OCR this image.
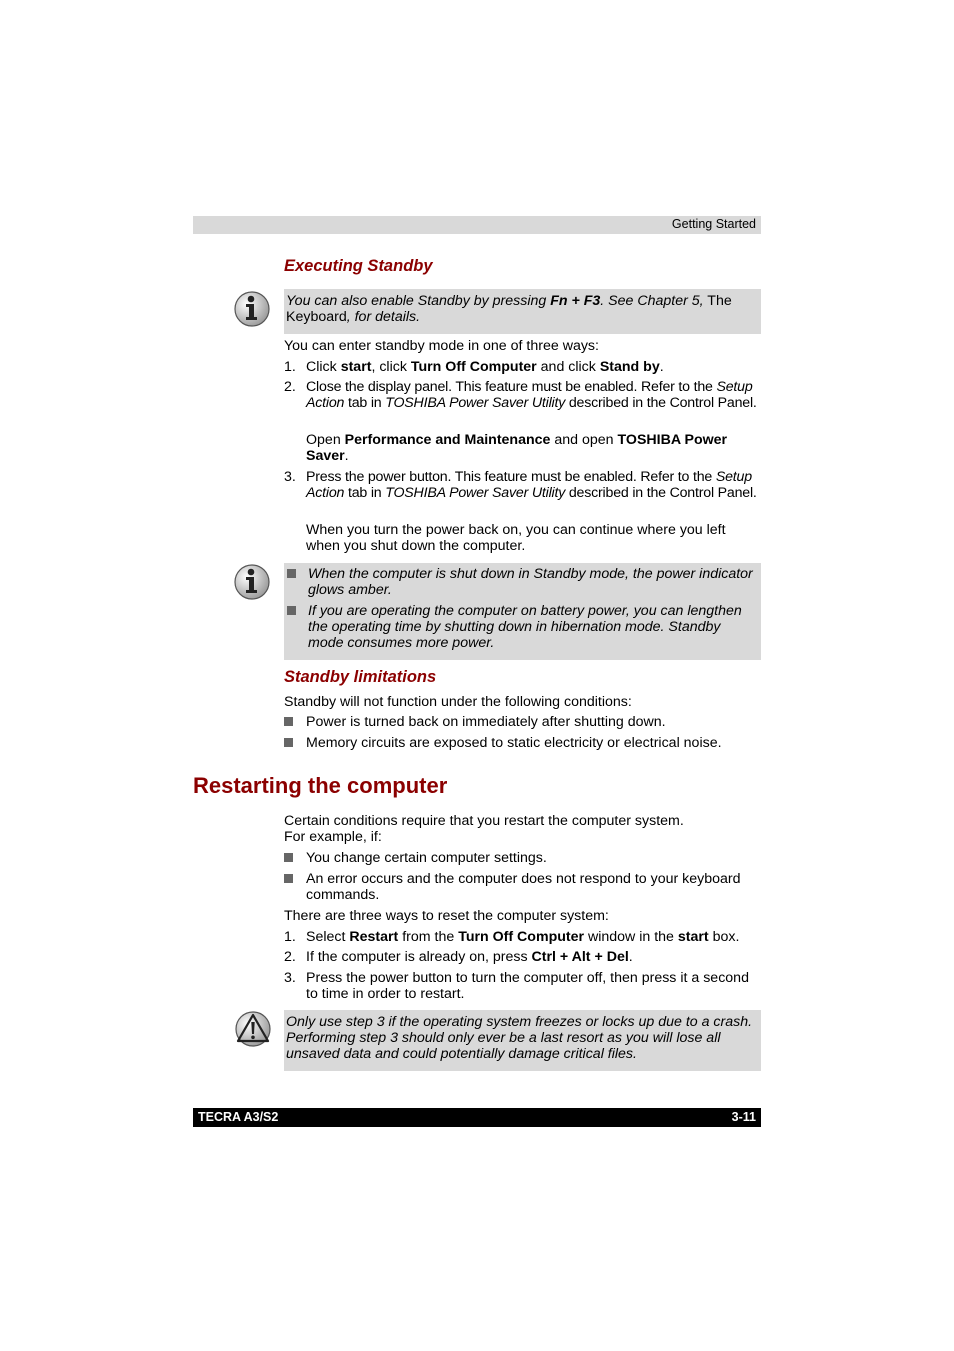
Getting Started
Executing Standby
You can also enable Standby by pressing Fn + F3. See Chapter 5, The Keyboard, for details.
You can enter standby mode in one of three ways:
1. Click start, click Turn Off Computer and click Stand by.
2. Close the display panel. This feature must be enabled. Refer to the Setup Action tab in TOSHIBA Power Saver Utility described in the Control Panel.
Open Performance and Maintenance and open TOSHIBA Power Saver.
3. Press the power button. This feature must be enabled. Refer to the Setup Action tab in TOSHIBA Power Saver Utility described in the Control Panel.
When you turn the power back on, you can continue where you left when you shut down the computer.
When the computer is shut down in Standby mode, the power indicator glows amber.
If you are operating the computer on battery power, you can lengthen the operating time by shutting down in hibernation mode. Standby mode consumes more power.
Standby limitations
Standby will not function under the following conditions:
Power is turned back on immediately after shutting down.
Memory circuits are exposed to static electricity or electrical noise.
Restarting the computer
Certain conditions require that you restart the computer system.
For example, if:
You change certain computer settings.
An error occurs and the computer does not respond to your keyboard commands.
There are three ways to reset the computer system:
1. Select Restart from the Turn Off Computer window in the start box.
2. If the computer is already on, press Ctrl + Alt + Del.
3. Press the power button to turn the computer off, then press it a second to time in order to restart.
Only use step 3 if the operating system freezes or locks up due to a crash. Performing step 3 should only ever be a last resort as you will lose all unsaved data and could potentially damage critical files.
TECRA A3/S2	3-11
